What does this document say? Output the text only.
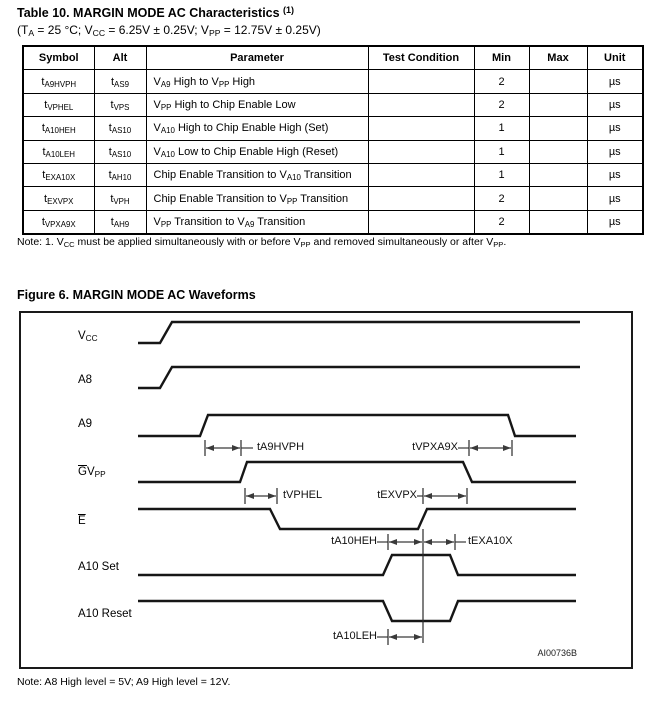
Table 10. MARGIN MODE AC Characteristics $^{(1)}$
($T_A = 25$ °C; $V_{CC} = 6.25V \pm 0.25V$; $V_{PP} = 12.75V \pm 0.25V$)
Symbol	Alt	Parameter	Test Condition	Min	Max	Unit
$t_{A9HVPH}$	$t_{AS9}$	$V_{A9}$ High to $V_{PP}$ High		2		µs
$t_{VPHEL}$	$t_{VPS}$	$V_{PP}$ High to Chip Enable Low		2		µs
$t_{A10HEH}$	$t_{AS10}$	$V_{A10}$ High to Chip Enable High (Set)		1		µs
$t_{A10LEH}$	$t_{AS10}$	$V_{A10}$ Low to Chip Enable High (Reset)		1		µs
$t_{EXA10X}$	$t_{AH10}$	Chip Enable Transition to $V_{A10}$ Transition		1		µs
$t_{EXVPX}$	$t_{VPH}$	Chip Enable Transition to $V_{PP}$ Transition		2		µs
$t_{VPXA9X}$	$t_{AH9}$	$V_{PP}$ Transition to $V_{A9}$ Transition		2		µs
Note: 1. $V_{CC}$ must be applied simultaneously with or before $V_{PP}$ and removed simultaneously or after $V_{PP}$.
Figure 6. MARGIN MODE AC Waveforms
$V_{CC}$
A8
A9
$\overline{G}V_{PP}$
$\overline{E}$
A10 Set
A10 Reset
tA9HVPH	tVPXA9X
tVPHEL	tEXVPX
tA10HEH	tEXA10X
tA10LEH
AI00736B
Note: A8 High level = 5V; A9 High level = 12V.
